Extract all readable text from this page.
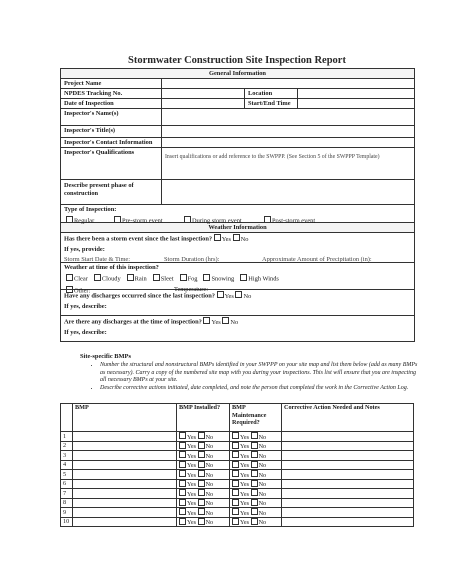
Stormwater Construction Site Inspection Report
General Information
Project Name
NPDES Tracking No.	Location
Date of Inspection	Start/End Time
Inspector's Name(s)
Inspector's Title(s)
Inspector's Contact Information
Inspector's Qualifications
Insert qualifications or add reference to the SWPPP. (See Section 5 of the SWPPP Template)
Describe present phase of construction
Type of Inspection:
Regular	Pre-storm event	During storm event	Post-storm event
Weather Information
Has there been a storm event since the last inspection? Yes No
If yes, provide:
Storm Start Date & Time:	Storm Duration (hrs):	Approximate Amount of Precipitation (in):
Weather at time of this inspection?
Clear	Cloudy	Rain	Sleet	Fog	Snowing	High Winds
Other:	Temperature:
Have any discharges occurred since the last inspection? Yes No
If yes, describe:
Are there any discharges at the time of inspection? Yes No
If yes, describe:
Site-specific BMPs
• Number the structural and nonstructural BMPs identified in your SWPPP on your site map and list them below (add as many BMPs as necessary). Carry a copy of the numbered site map with you during your inspections. This list will ensure that you are inspecting all necessary BMPs at your site.
• Describe corrective actions initiated, date completed, and note the person that completed the work in the Corrective Action Log.
	BMP	BMP Installed?	BMP Maintenance Required?	Corrective Action Needed and Notes
1		Yes No	Yes No	
2		Yes No	Yes No	
3		Yes No	Yes No	
4		Yes No	Yes No	
5		Yes No	Yes No	
6		Yes No	Yes No	
7		Yes No	Yes No	
8		Yes No	Yes No	
9		Yes No	Yes No	
10		Yes No	Yes No	
